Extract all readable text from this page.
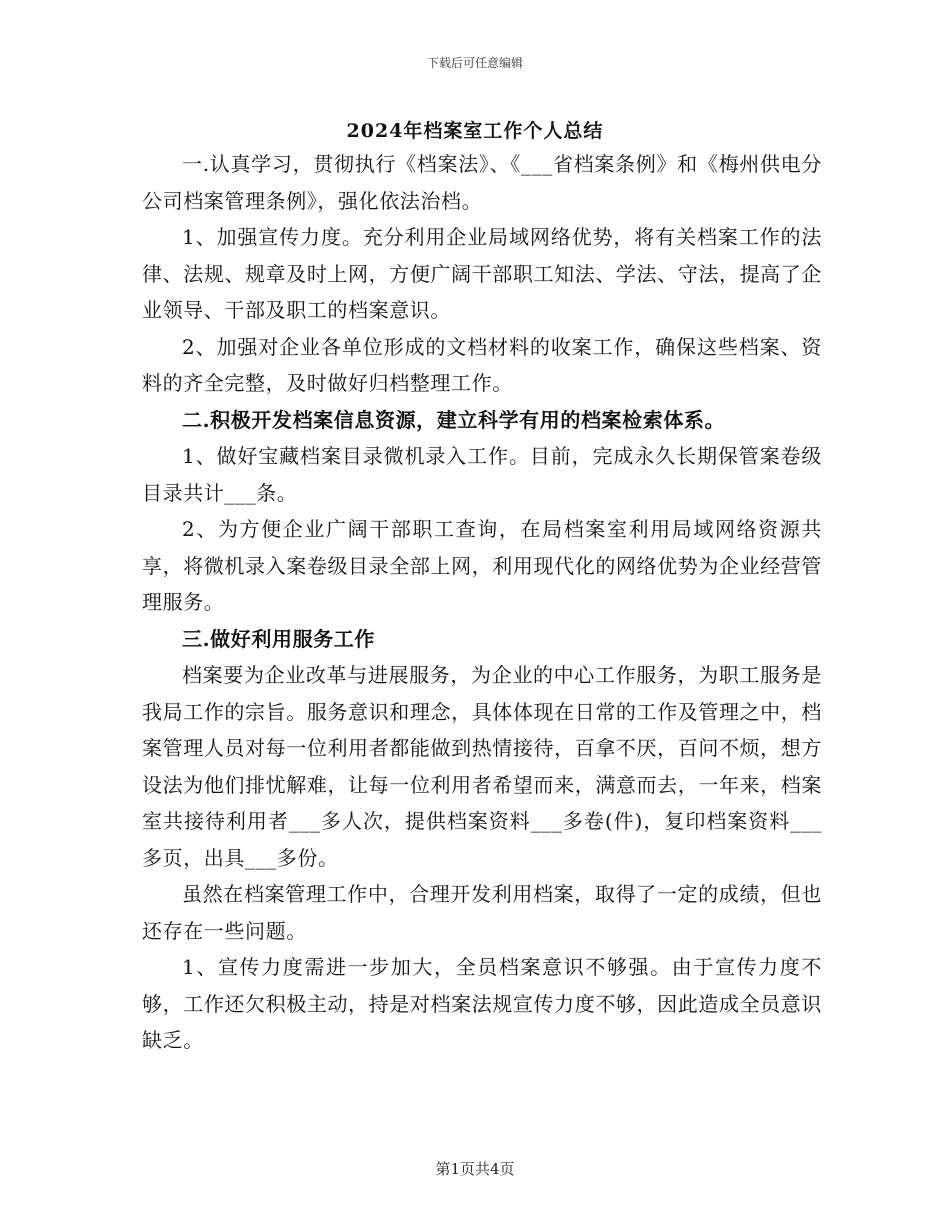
下载后可任意编辑
2024年档案室工作个人总结

一.认真学习，贯彻执行《档案法》、《___省档案条例》和《梅州供电分公司档案管理条例》，强化依法治档。

1、加强宣传力度。充分利用企业局域网络优势，将有关档案工作的法律、法规、规章及时上网，方便广阔干部职工知法、学法、守法，提高了企业领导、干部及职工的档案意识。

2、加强对企业各单位形成的文档材料的收案工作，确保这些档案、资料的齐全完整，及时做好归档整理工作。

二.积极开发档案信息资源，建立科学有用的档案检索体系。

1、做好宝藏档案目录微机录入工作。目前，完成永久长期保管案卷级目录共计___条。

2、为方便企业广阔干部职工查询，在局档案室利用局域网络资源共享，将微机录入案卷级目录全部上网，利用现代化的网络优势为企业经营管理服务。

三.做好利用服务工作

档案要为企业改革与进展服务，为企业的中心工作服务，为职工服务是我局工作的宗旨。服务意识和理念，具体体现在日常的工作及管理之中，档案管理人员对每一位利用者都能做到热情接待，百拿不厌，百问不烦，想方设法为他们排忧解难，让每一位利用者希望而来，满意而去，一年来，档案室共接待利用者___多人次，提供档案资料___多卷(件)，复印档案资料___多页，出具___多份。

虽然在档案管理工作中，合理开发利用档案，取得了一定的成绩，但也还存在一些问题。

1、宣传力度需进一步加大，全员档案意识不够强。由于宣传力度不够，工作还欠积极主动，持是对档案法规宣传力度不够，因此造成全员意识缺乏。

第1页共4页
